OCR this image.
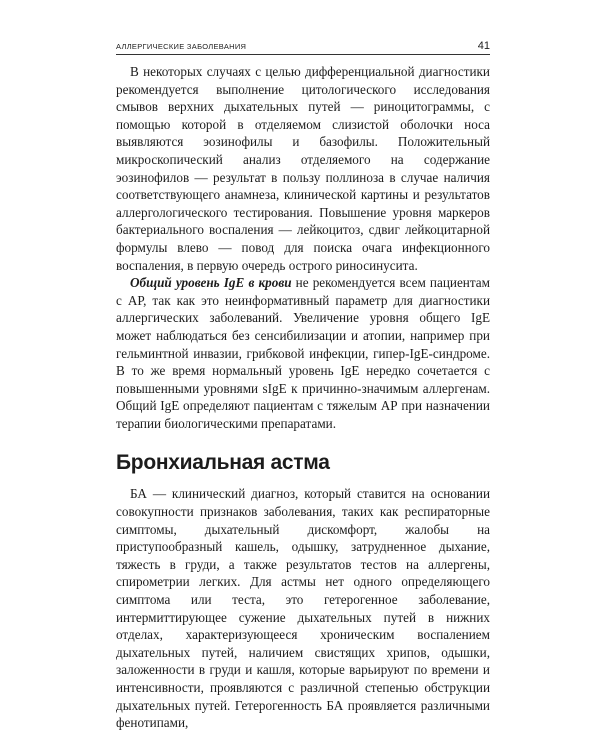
АЛЛЕРГИЧЕСКИЕ ЗАБОЛЕВАНИЯ	41

В некоторых случаях с целью дифференциальной диагностики рекомендуется выполнение цитологического исследования смывов верхних дыхательных путей — риноцитограммы, с помощью которой в отделяемом слизистой оболочки носа выявляются эозинофилы и базофилы. Положительный микроскопический анализ отделяемого на содержание эозинофилов — результат в пользу поллиноза в случае наличия соответствующего анамнеза, клинической картины и результатов аллергологического тестирования. Повышение уровня маркеров бактериального воспаления — лейкоцитоз, сдвиг лейкоцитарной формулы влево — повод для поиска очага инфекционного воспаления, в первую очередь острого риносинусита.

Общий уровень IgE в крови не рекомендуется всем пациентам с АР, так как это неинформативный параметр для диагностики аллергических заболеваний. Увеличение уровня общего IgE может наблюдаться без сенсибилизации и атопии, например при гельминтной инвазии, грибковой инфекции, гипер-IgE-синдроме. В то же время нормальный уровень IgE нередко сочетается с повышенными уровнями sIgE к причинно-значимым аллергенам. Общий IgE определяют пациентам с тяжелым АР при назначении терапии биологическими препаратами.

Бронхиальная астма

БА — клинический диагноз, который ставится на основании совокупности признаков заболевания, таких как респираторные симптомы, дыхательный дискомфорт, жалобы на приступообразный кашель, одышку, затрудненное дыхание, тяжесть в груди, а также результатов тестов на аллергены, спирометрии легких. Для астмы нет одного определяющего симптома или теста, это гетерогенное заболевание, интермиттирующее сужение дыхательных путей в нижних отделах, характеризующееся хроническим воспалением дыхательных путей, наличием свистящих хрипов, одышки, заложенности в груди и кашля, которые варьируют по времени и интенсивности, проявляются с различной степенью обструкции дыхательных путей. Гетерогенность БА проявляется различными фенотипами,
